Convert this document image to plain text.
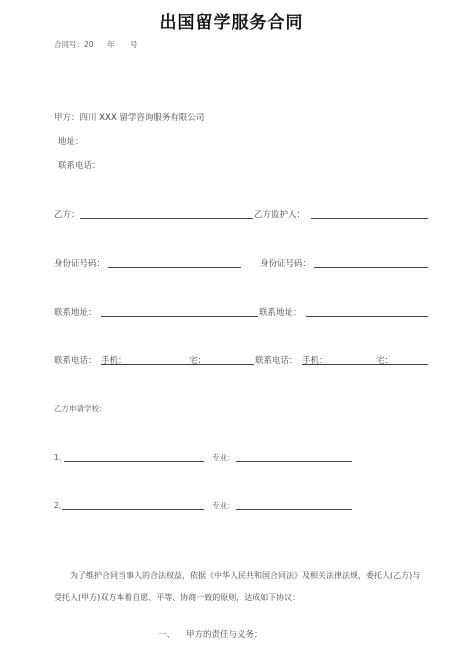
出国留学服务合同
合同号：20 年 号
甲方：四川 XXX 留学咨询服务有限公司
地址：
联系电话：
乙方：	乙方监护人：
身份证号码：	身份证号码：
联系地址：	联系地址：
联系电话： 手机：	宅：	联系电话： 手机：	宅：
乙方申请学校：
1、	专业：
2、	专业：
为了维护合同当事人的合法权益，依据《中华人民共和国合同法》及相关法律法规，委托人(乙方)与
受托人(甲方)双方本着自愿、平等、协商一致的原则，达成如下协议：
一、 甲方的责任与义务：
